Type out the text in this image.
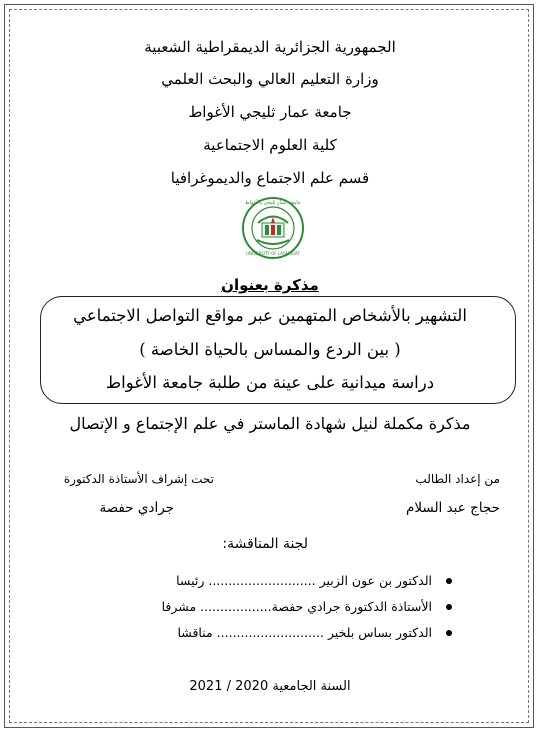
الجمهورية الجزائرية الديمقراطية الشعبية
وزارة التعليم العالي والبحث العلمي
جامعة عمار ثليجي الأغواط
كلية العلوم الاجتماعية
قسم علم الاجتماع والديموغرافيا
جامعة عمار ثليجي بالأغواط
UNIVERSITY OF LAGHOUAT
مذكرة بعنوان
التشهير بالأشخاص المتهمين عبر مواقع التواصل الاجتماعي
( بين الردع والمساس بالحياة الخاصة )
دراسة ميدانية على عينة من طلبة جامعة الأغواط
مذكرة مكملة لنيل شهادة الماستر في علم الإجتماع و الإتصال
من إعداد الطالب
حجاج عبد السلام
تحت إشراف الأستاذة الدكتورة
جرادي حفصة
لجنة المناقشة:
الدكتور بن عون الزبير ........................... رئيسا
الأستاذة الدكتورة جرادي حفصة.................. مشرفا
الدكتور بساس بلخير ........................... مناقشا
السنة الجامعية 2020 / 2021
